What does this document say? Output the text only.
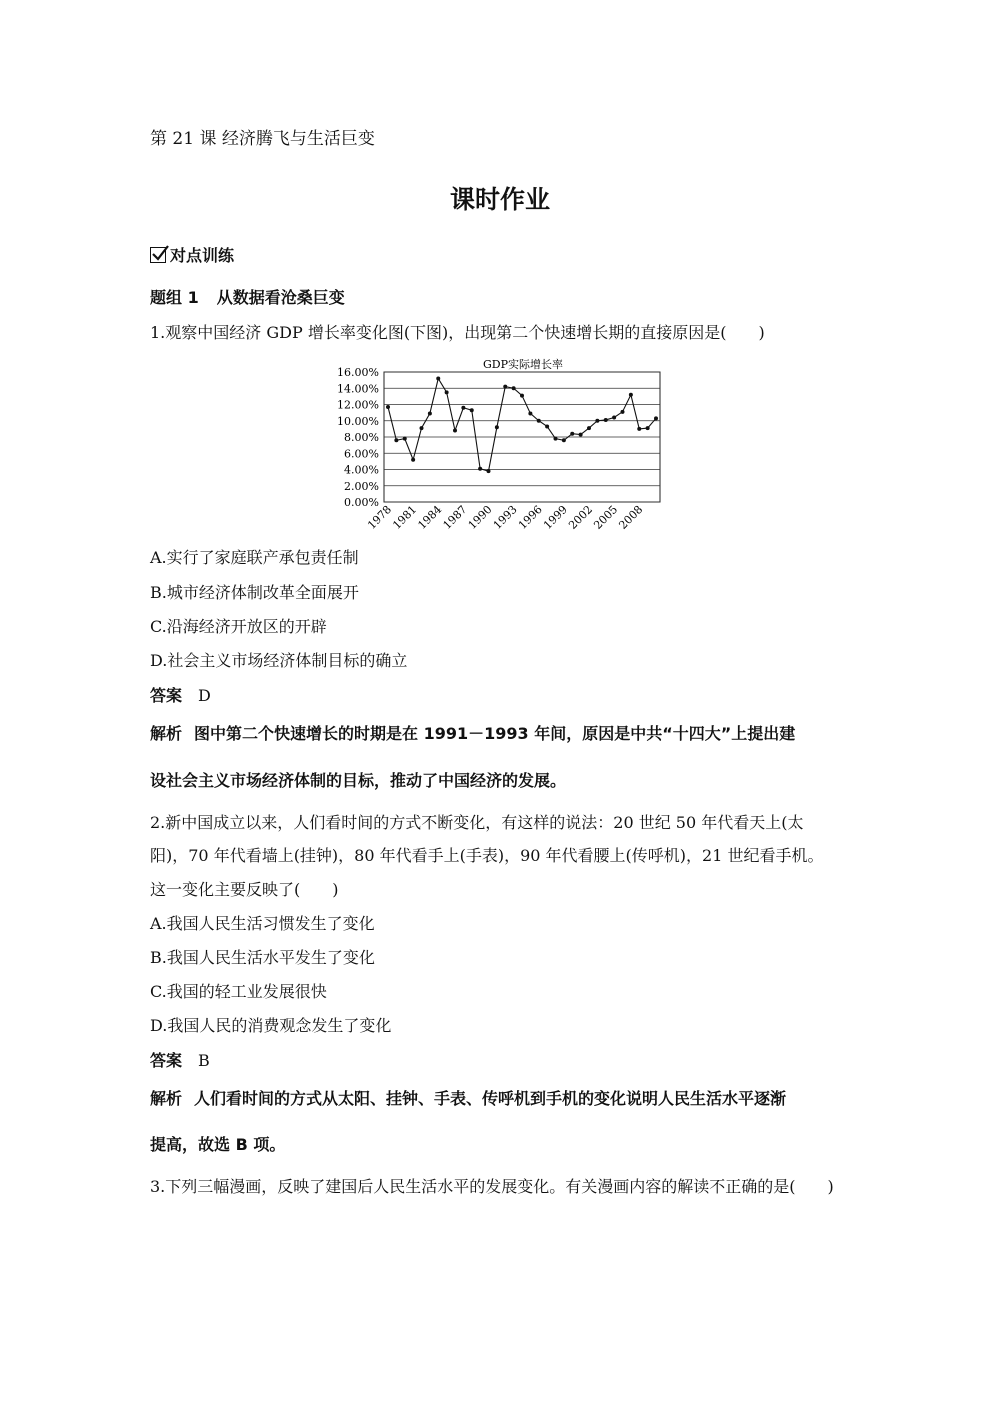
第 21 课 经济腾飞与生活巨变
课时作业
对点训练
题组 1 从数据看沧桑巨变
1.观察中国经济 GDP 增长率变化图(下图)，出现第二个快速增长期的直接原因是(　　)
GDP实际增长率
0.00%
2.00%
4.00%
6.00%
8.00%
10.00%
12.00%
14.00%
16.00%
1978
1981
1984
1987
1990
1993
1996
1999
2002
2005
2008
A.实行了家庭联产承包责任制
B.城市经济体制改革全面展开
C.沿海经济开放区的开辟
D.社会主义市场经济体制目标的确立
答案 D
解析 图中第二个快速增长的时期是在 1991－1993 年间，原因是中共“十四大”上提出建
设社会主义市场经济体制的目标，推动了中国经济的发展。
2.新中国成立以来，人们看时间的方式不断变化，有这样的说法：20 世纪 50 年代看天上(太
阳)，70 年代看墙上(挂钟)，80 年代看手上(手表)，90 年代看腰上(传呼机)，21 世纪看手机。
这一变化主要反映了(　　)
A.我国人民生活习惯发生了变化
B.我国人民生活水平发生了变化
C.我国的轻工业发展很快
D.我国人民的消费观念发生了变化
答案 B
解析 人们看时间的方式从太阳、挂钟、手表、传呼机到手机的变化说明人民生活水平逐渐
提高，故选 B 项。
3.下列三幅漫画，反映了建国后人民生活水平的发展变化。有关漫画内容的解读不正确的是(　　)
